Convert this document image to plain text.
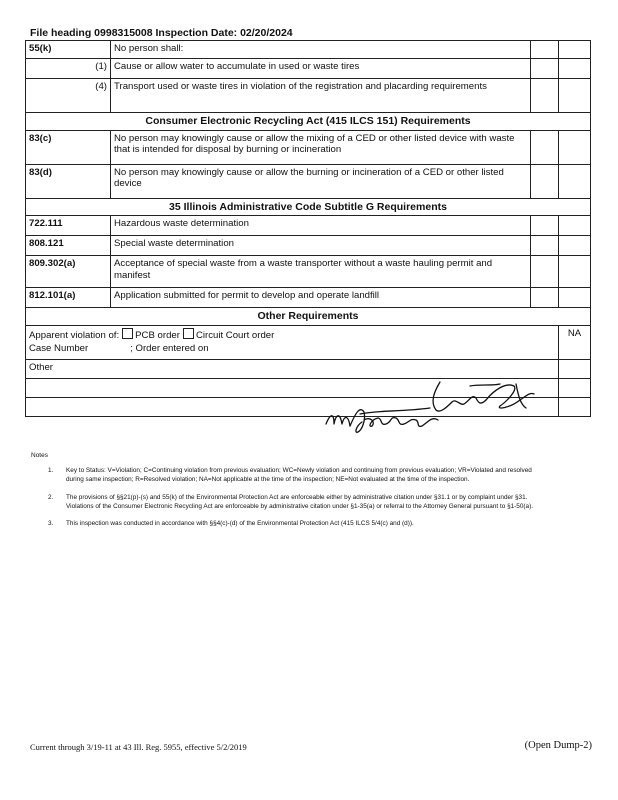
File heading 0998315008 Inspection Date: 02/20/2024
55(k)	No person shall:		
(1)	Cause or allow water to accumulate in used or waste tires		
(4)	Transport used or waste tires in violation of the registration and placarding requirements		
Consumer Electronic Recycling Act (415 ILCS 151) Requirements			
83(c)	No person may knowingly cause or allow the mixing of a CED or other listed device with waste that is intended for disposal by burning or incineration		
83(d)	No person may knowingly cause or allow the burning or incineration of a CED or other listed device		
35 Illinois Administrative Code Subtitle G Requirements			
722.111	Hazardous waste determination		
808.121	Special waste determination		
809.302(a)	Acceptance of special waste from a waste transporter without a waste hauling permit and manifest		
812.101(a)	Application submitted for permit to develop and operate landfill		
Other Requirements			

Apparent violation of: PCB order Circuit Court order
Case Number ; Order entered on			NA
Other			

Notes
1. Key to Status: V=Violation; C=Continuing violation from previous evaluation; WC=Newly violation and continuing from previous evaluation; VR=Violated and resolved during same inspection; R=Resolved violation; NA=Not applicable at the time of the inspection; NE=Not evaluated at the time of the inspection.
2. The provisions of §§21(p)-(s) and 55(k) of the Environmental Protection Act are enforceable either by administrative citation under §31.1 or by complaint under §31. Violations of the Consumer Electronic Recycling Act are enforceable by administrative citation under §1-35(a) or referral to the Attorney General pursuant to §1-50(a).
3. This inspection was conducted in accordance with §§4(c)-(d) of the Environmental Protection Act (415 ILCS 5/4(c) and (d)).
Current through 3/19-11 at 43 Ill. Reg. 5955, effective 5/2/2019	(Open Dump-2)
